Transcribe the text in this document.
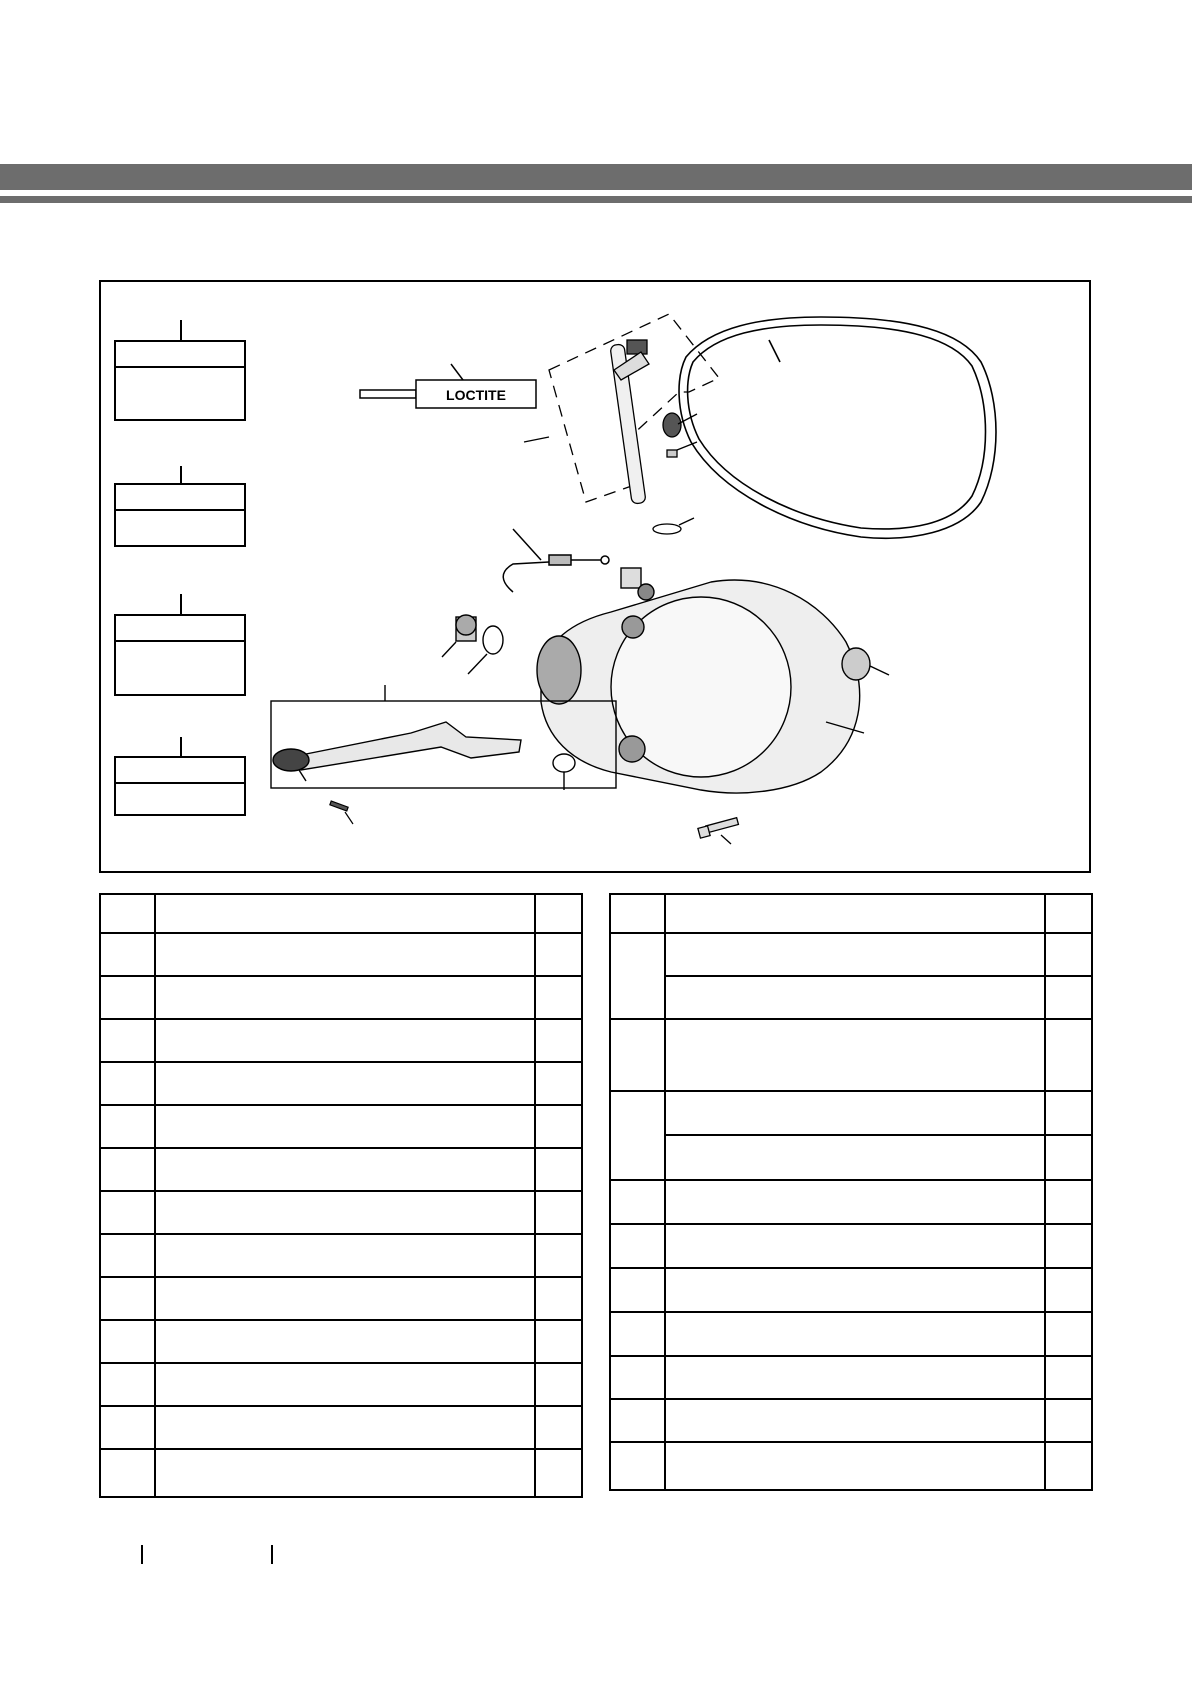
LOCTITE
